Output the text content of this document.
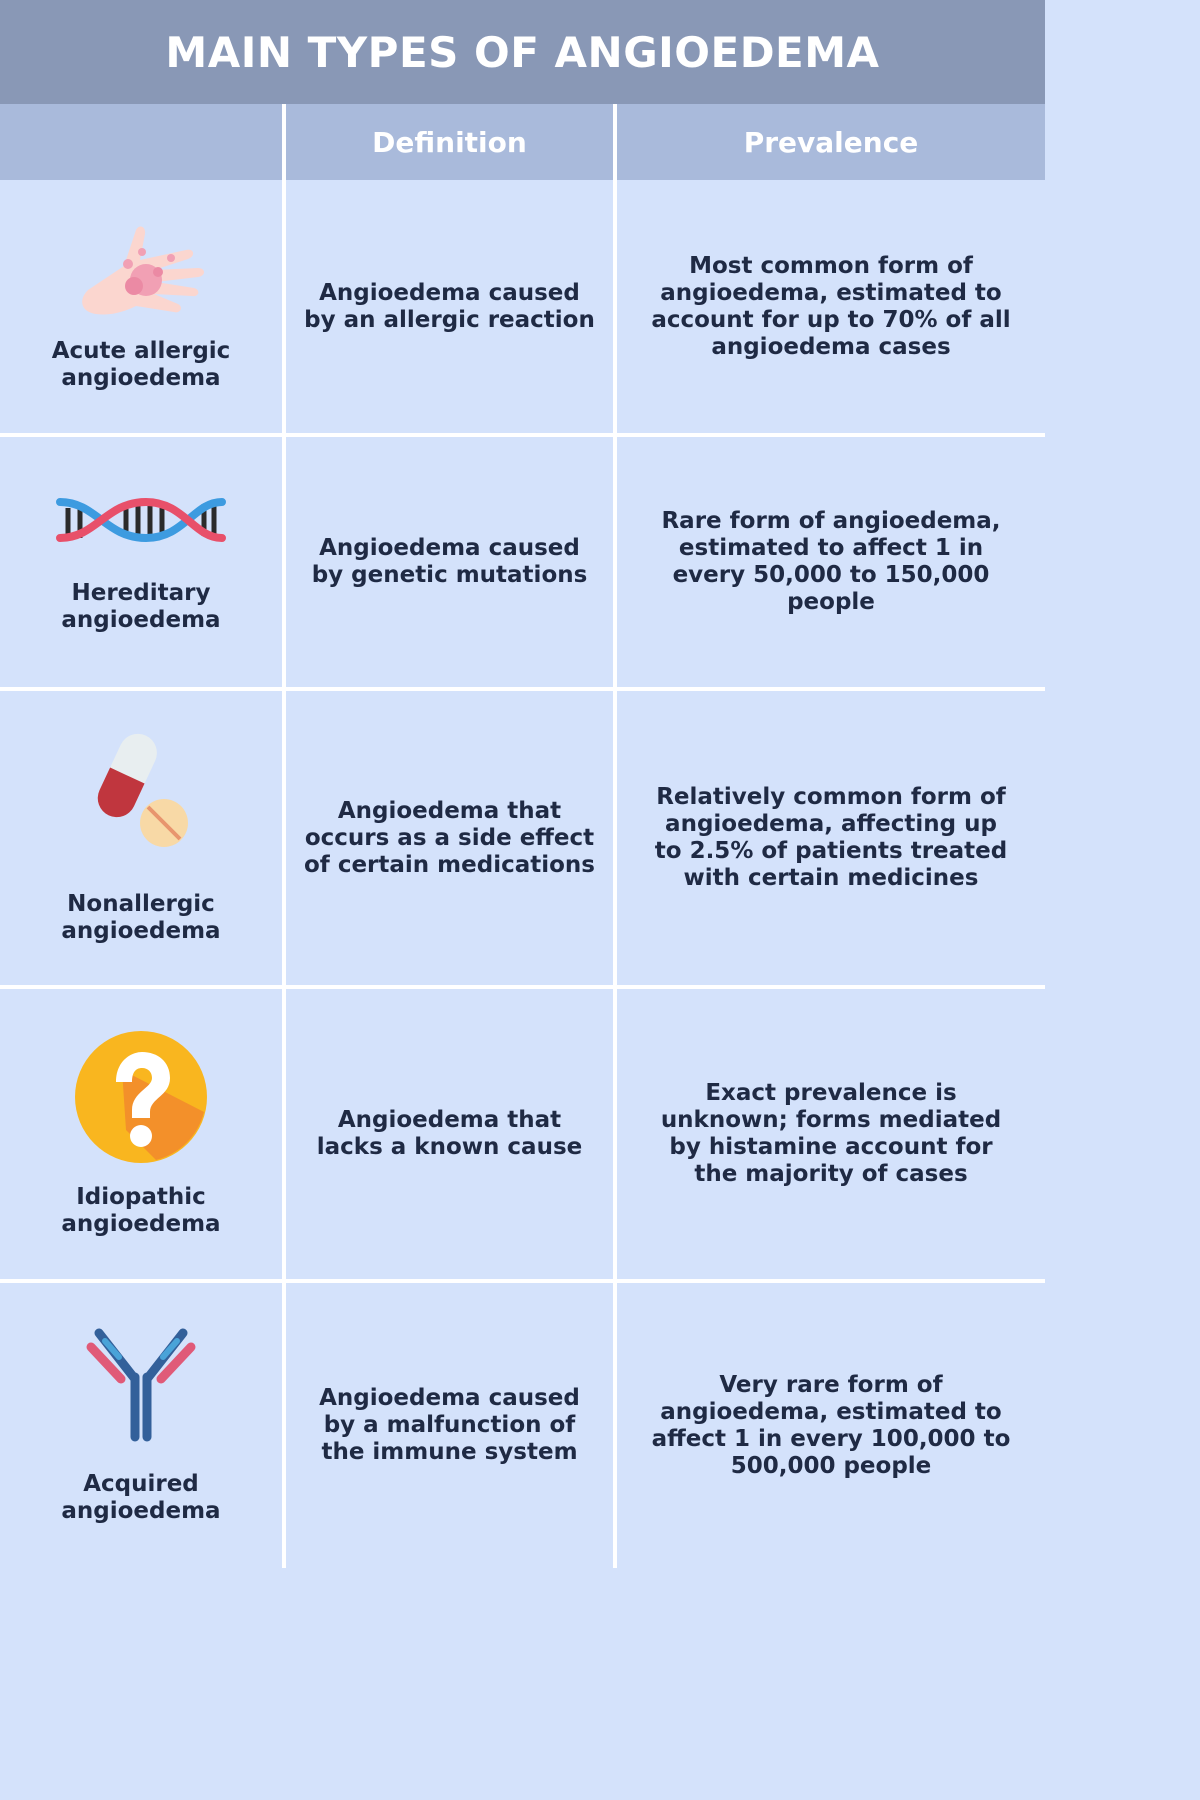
MAIN TYPES OF ANGIOEDEMA
Definition	Prevalence
Acute allergic
angioedema
Angioedema caused by an allergic reaction
Most common form of angioedema, estimated to account for up to 70% of all angioedema cases
Hereditary
angioedema
Angioedema caused by genetic mutations
Rare form of angioedema, estimated to affect 1 in every 50,000 to 150,000 people
Nonallergic
angioedema
Angioedema that occurs as a side effect of certain medications
Relatively common form of angioedema, affecting up to 2.5% of patients treated with certain medicines
Idiopathic
angioedema
Angioedema that lacks a known cause
Exact prevalence is unknown; forms mediated by histamine account for the majority of cases
Acquired
angioedema
Angioedema caused by a malfunction of the immune system
Very rare form of angioedema, estimated to affect 1 in every 100,000 to 500,000 people
